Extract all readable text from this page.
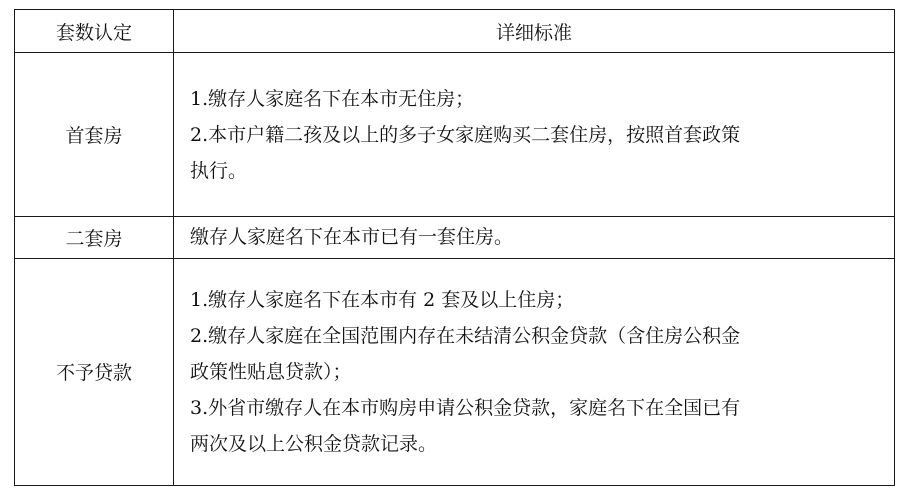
套数认定	详细标准
首套房	1.缴存人家庭名下在本市无住房；
2.本市户籍二孩及以上的多子女家庭购买二套住房，按照首套政策
执行。

二套房	缴存人家庭名下在本市已有一套住房。

不予贷款	1.缴存人家庭名下在本市有 2 套及以上住房；
2.缴存人家庭在全国范围内存在未结清公积金贷款（含住房公积金
政策性贴息贷款）；
3.外省市缴存人在本市购房申请公积金贷款，家庭名下在全国已有
两次及以上公积金贷款记录。
